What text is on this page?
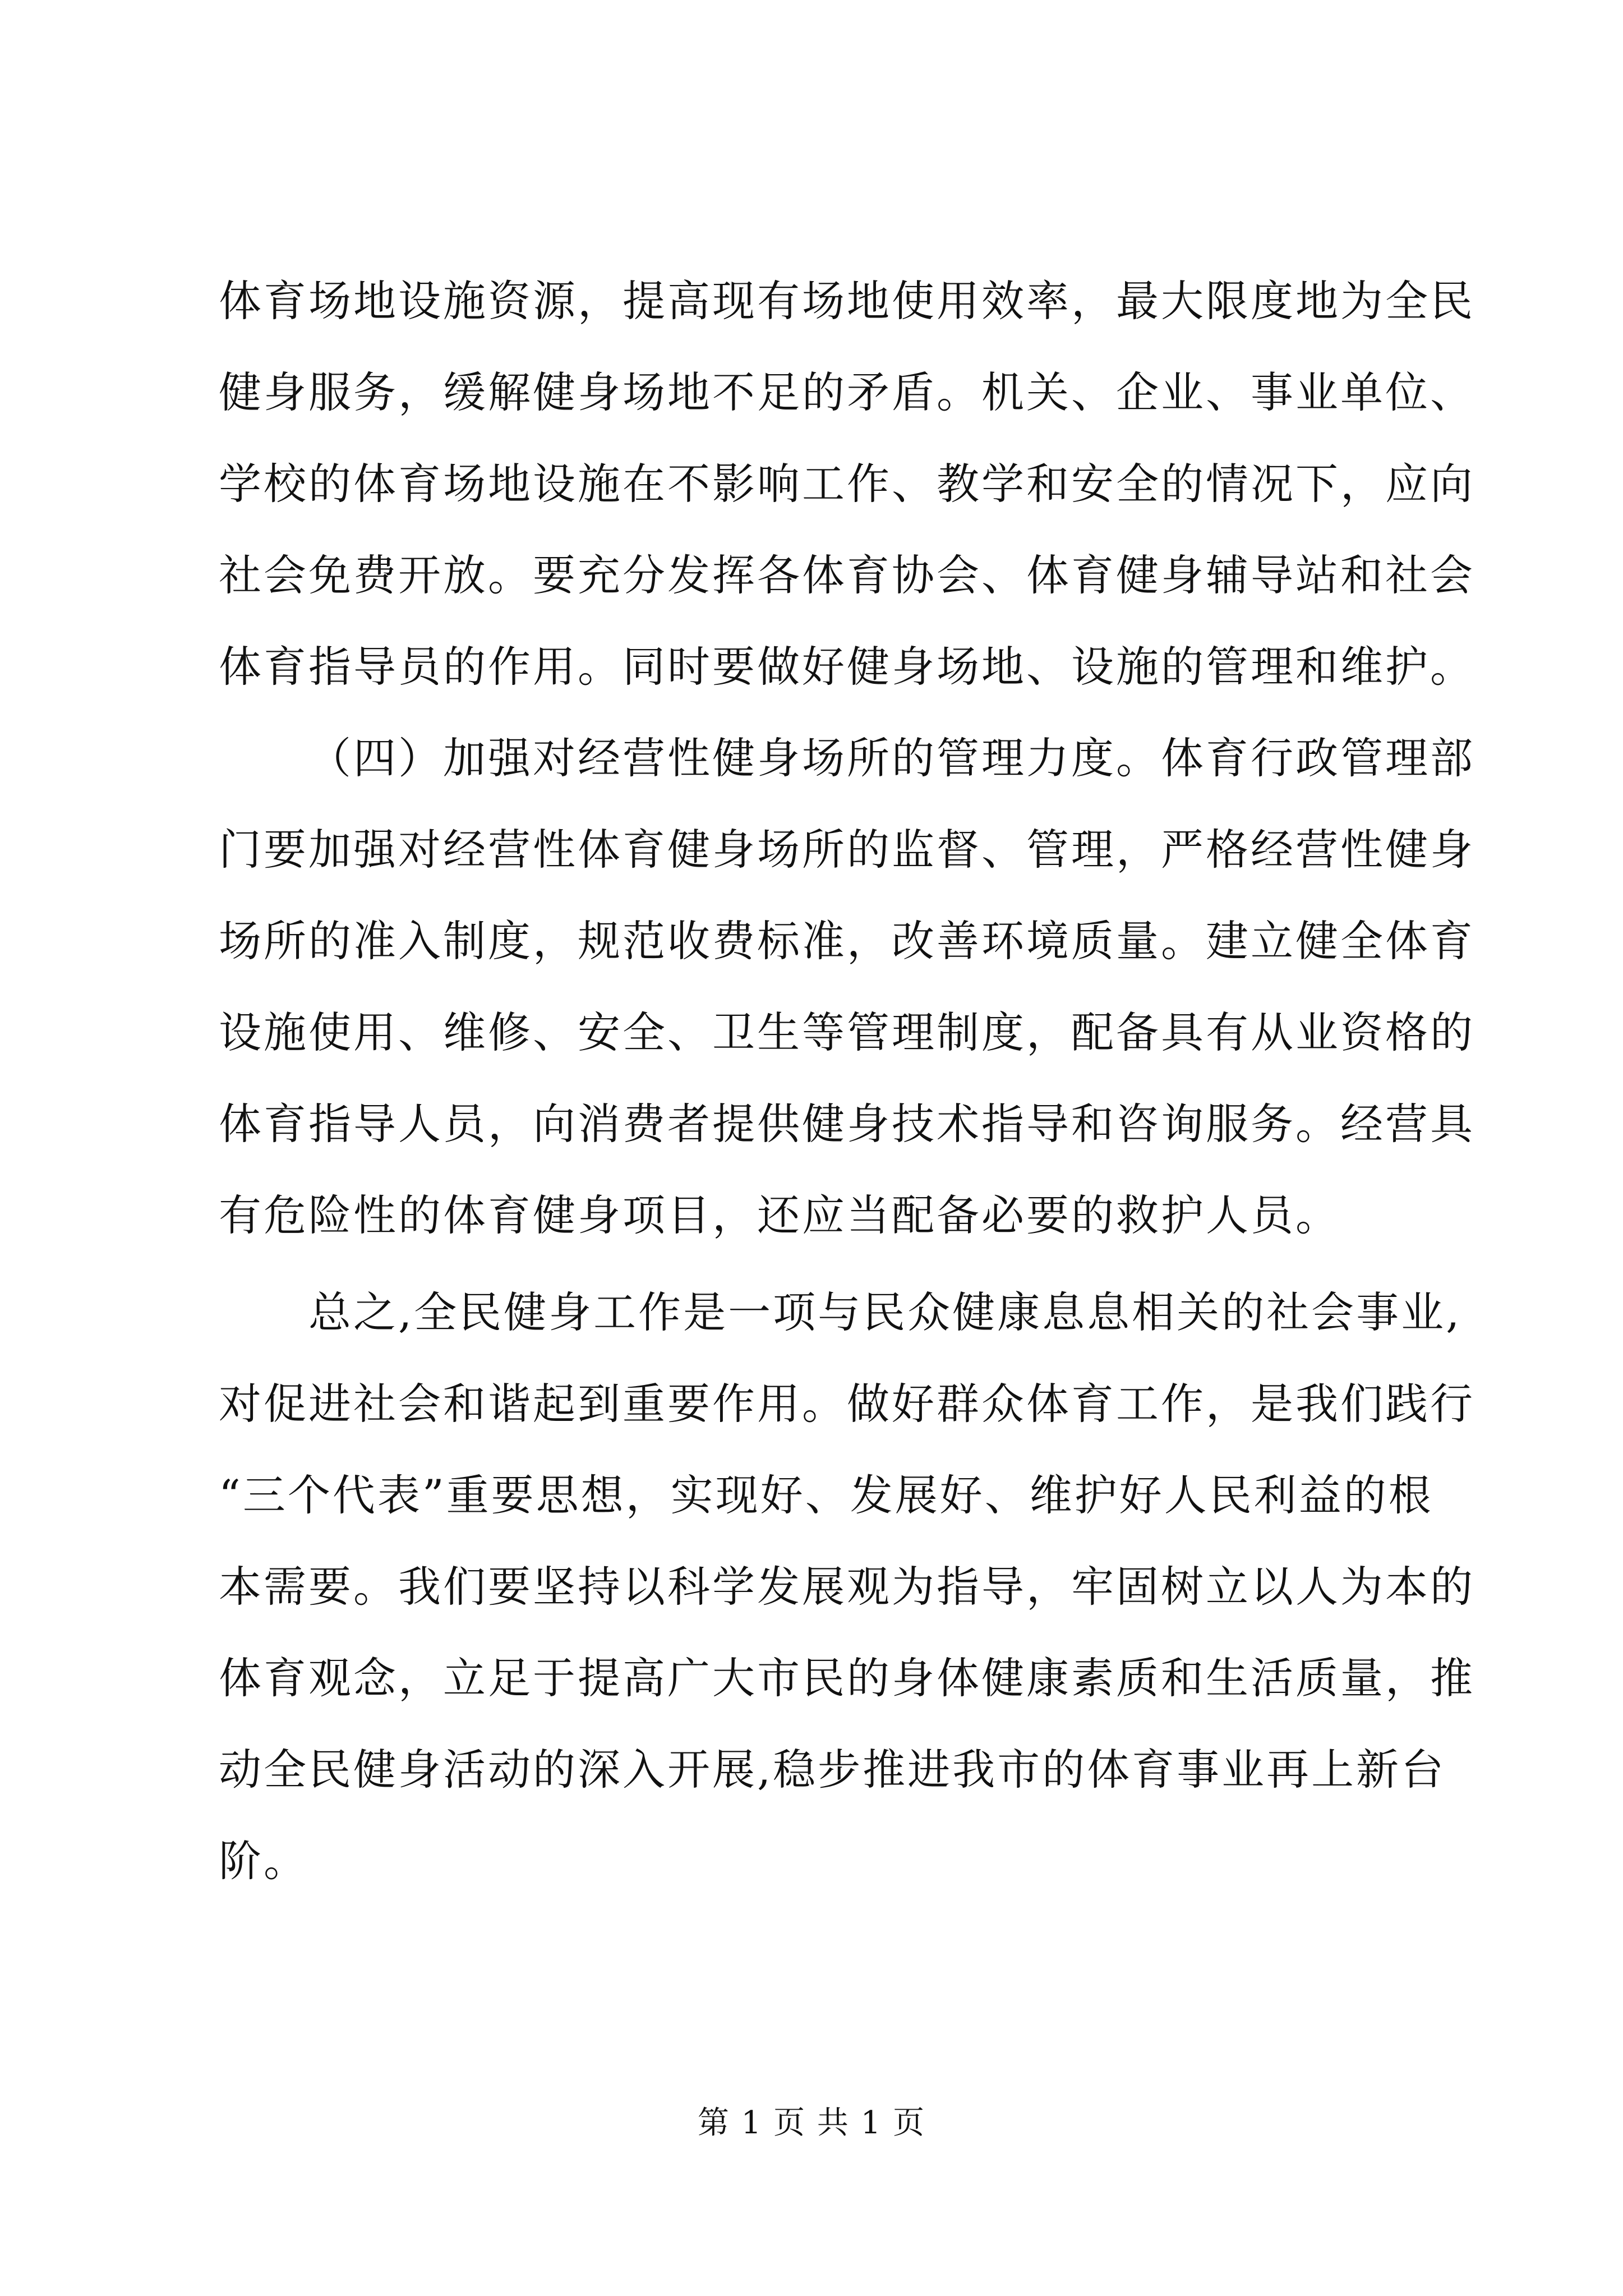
体育场地设施资源，提高现有场地使用效率，最大限度地为全民
健身服务，缓解健身场地不足的矛盾。机关、企业、事业单位、
学校的体育场地设施在不影响工作、教学和安全的情况下，应向
社会免费开放。要充分发挥各体育协会、体育健身辅导站和社会
体育指导员的作用。同时要做好健身场地、设施的管理和维护。
（四）加强对经营性健身场所的管理力度。体育行政管理部
门要加强对经营性体育健身场所的监督、管理，严格经营性健身
场所的准入制度，规范收费标准，改善环境质量。建立健全体育
设施使用、维修、安全、卫生等管理制度，配备具有从业资格的
体育指导人员，向消费者提供健身技术指导和咨询服务。经营具
有危险性的体育健身项目，还应当配备必要的救护人员。
总之,全民健身工作是一项与民众健康息息相关的社会事业,
对促进社会和谐起到重要作用。做好群众体育工作，是我们践行
“三个代表”重要思想，实现好、发展好、维护好人民利益的根
本需要。我们要坚持以科学发展观为指导，牢固树立以人为本的
体育观念，立足于提高广大市民的身体健康素质和生活质量，推
动全民健身活动的深入开展,稳步推进我市的体育事业再上新台
阶。
第 1 页 共 1 页
